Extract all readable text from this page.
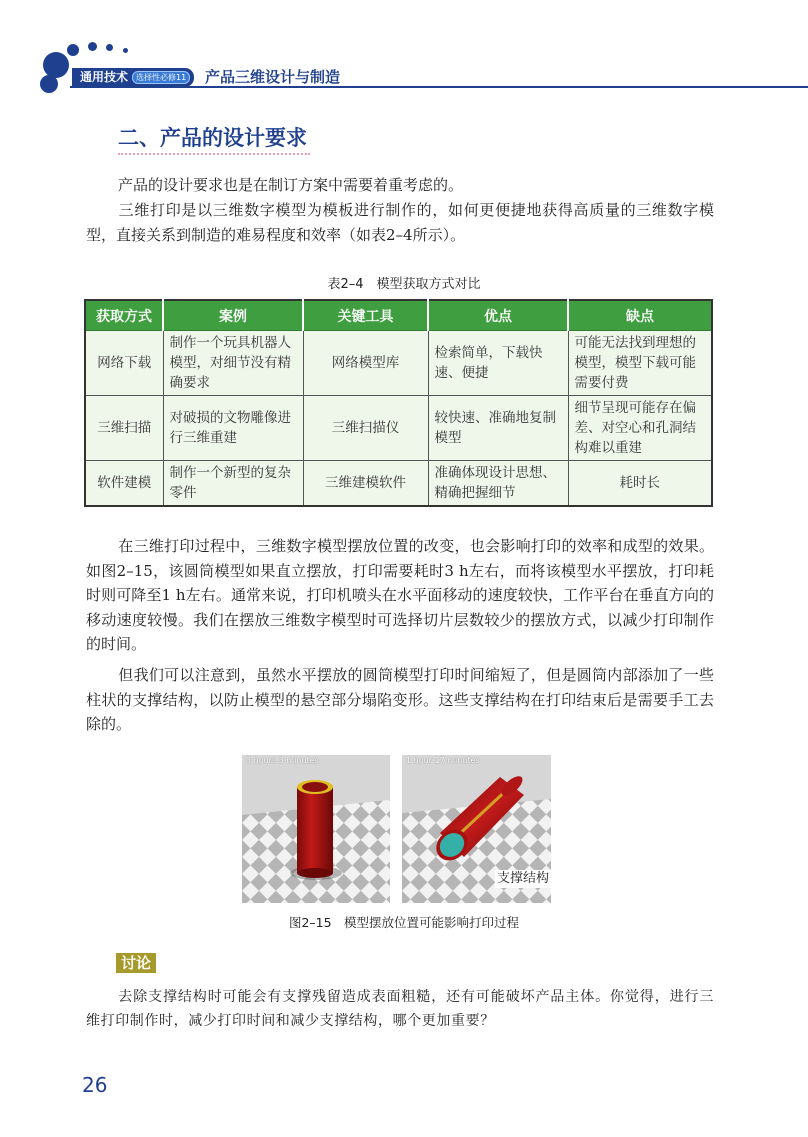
通用技术 选择性必修11	产品三维设计与制造
二、产品的设计要求

产品的设计要求也是在制订方案中需要着重考虑的。

三维打印是以三维数字模型为模板进行制作的，如何更便捷地获得高质量的三维数字模型，直接关系到制造的难易程度和效率（如表2–4所示）。

表2–4　模型获取方式对比
获取方式	案例	关键工具	优点	缺点
网络下载	制作一个玩具机器人模型，对细节没有精确要求	网络模型库	检索简单，下载快速、便捷	可能无法找到理想的模型，模型下载可能需要付费
三维扫描	对破损的文物雕像进行三维重建	三维扫描仪	较快速、准确地复制模型	细节呈现可能存在偏差、对空心和孔洞结构难以重建
软件建模	制作一个新型的复杂零件	三维建模软件	准确体现设计思想、精确把握细节	耗时长

在三维打印过程中，三维数字模型摆放位置的改变，也会影响打印的效率和成型的效果。如图2–15，该圆筒模型如果直立摆放，打印需要耗时3 h左右，而将该模型水平摆放，打印耗时则可降至1 h左右。通常来说，打印机喷头在水平面移动的速度较快，工作平台在垂直方向的移动速度较慢。我们在摆放三维数字模型时可选择切片层数较少的摆放方式，以减少打印制作的时间。

但我们可以注意到，虽然水平摆放的圆筒模型打印时间缩短了，但是圆筒内部添加了一些柱状的支撑结构，以防止模型的悬空部分塌陷变形。这些支撑结构在打印结束后是需要手工去除的。

3 hours 3 minutes	1 hour 17 minutes
支撑结构
图2–15　模型摆放位置可能影响打印过程
讨论

去除支撑结构时可能会有支撑残留造成表面粗糙，还有可能破坏产品主体。你觉得，进行三维打印制作时，减少打印时间和减少支撑结构，哪个更加重要？

26
